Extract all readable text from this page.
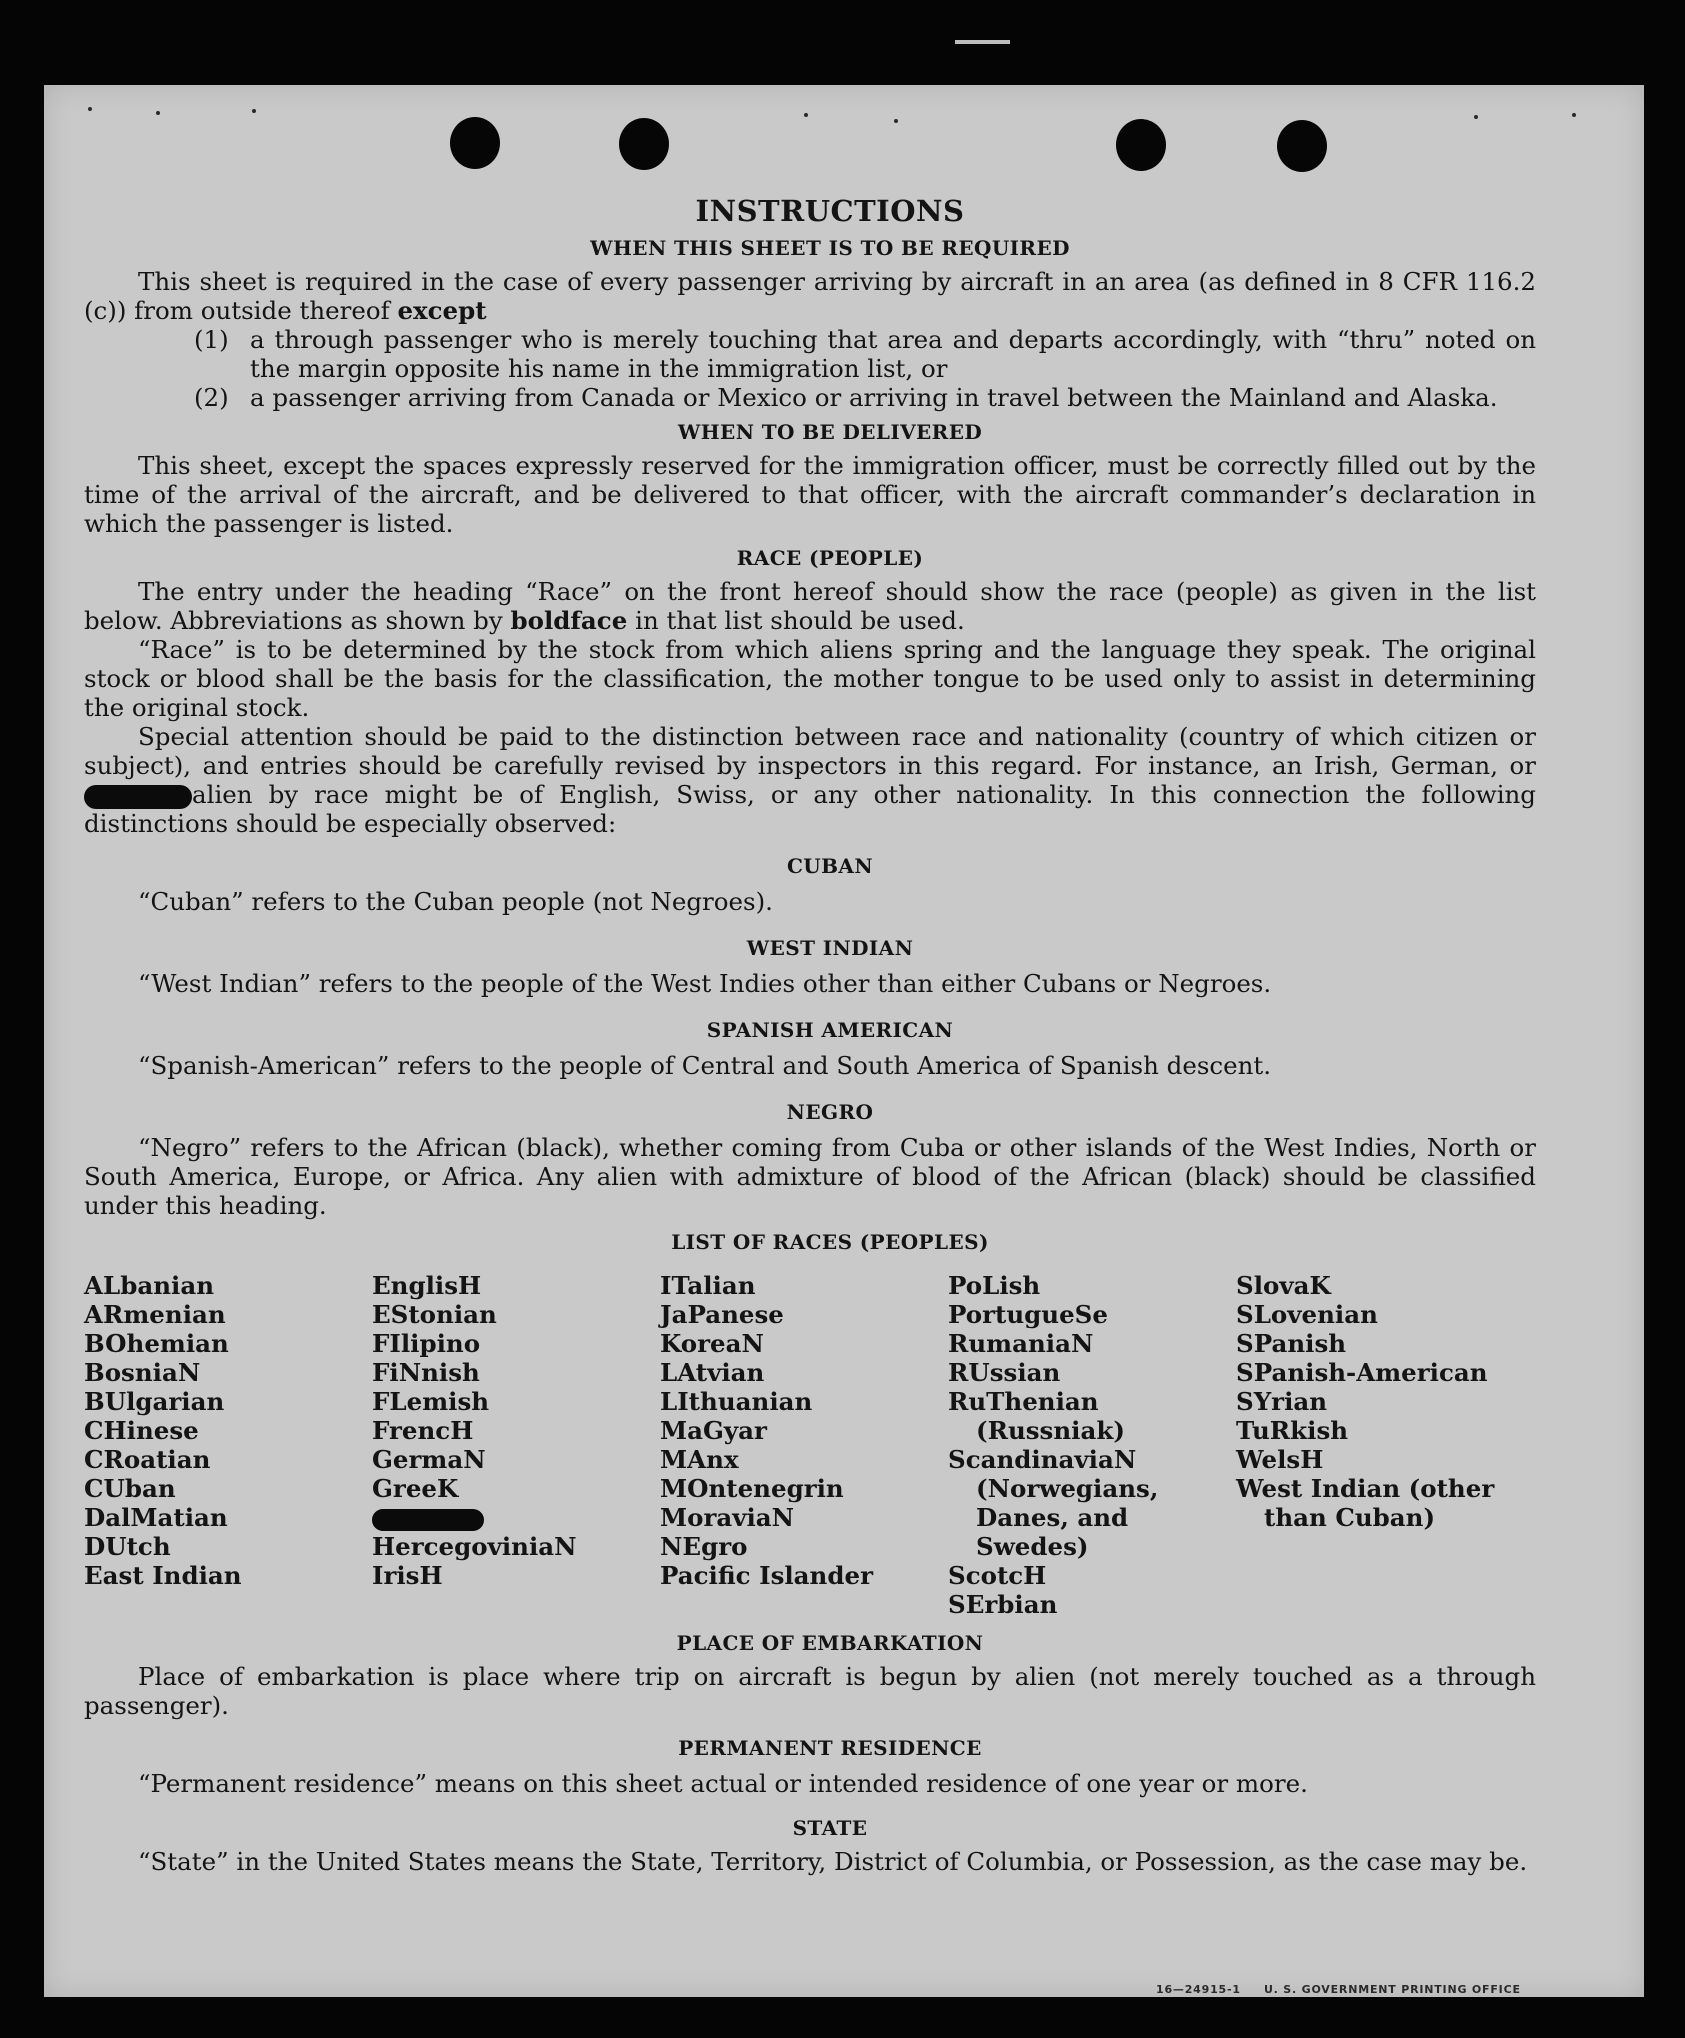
INSTRUCTIONS
WHEN THIS SHEET IS TO BE REQUIRED

This sheet is required in the case of every passenger arriving by aircraft in an area (as defined in 8 CFR 116.2 (c)) from outside thereof except

(1) a through passenger who is merely touching that area and departs accordingly, with “thru” noted on the margin opposite his name in the immigration list, or
(2) a passenger arriving from Canada or Mexico or arriving in travel between the Mainland and Alaska.
WHEN TO BE DELIVERED

This sheet, except the spaces expressly reserved for the immigration officer, must be correctly filled out by the time of the arrival of the aircraft, and be delivered to that officer, with the aircraft commander’s declaration in which the passenger is listed.

RACE (PEOPLE)

The entry under the heading “Race” on the front hereof should show the race (people) as given in the list below. Abbreviations as shown by boldface in that list should be used.

“Race” is to be determined by the stock from which aliens spring and the language they speak. The original stock or blood shall be the basis for the classification, the mother tongue to be used only to assist in determining the original stock.

Special attention should be paid to the distinction between race and nationality (country of which citizen or subject), and entries should be carefully revised by inspectors in this regard. For instance, an Irish, German, or alien by race might be of English, Swiss, or any other nationality. In this connection the following distinctions should be especially observed:

CUBAN

“Cuban” refers to the Cuban people (not Negroes).

WEST INDIAN

“West Indian” refers to the people of the West Indies other than either Cubans or Negroes.

SPANISH AMERICAN

“Spanish-American” refers to the people of Central and South America of Spanish descent.

NEGRO

“Negro” refers to the African (black), whether coming from Cuba or other islands of the West Indies, North or South America, Europe, or Africa. Any alien with admixture of blood of the African (black) should be classified under this heading.

LIST OF RACES (PEOPLES)
ALbanian
ARmenian
BOhemian
BosniaN
BUlgarian
CHinese
CRoatian
CUban
DalMatian
DUtch
East Indian
EnglisH
EStonian
FIlipino
FiNnish
FLemish
FrencH
GermaN
GreeK
HercegoviniaN
IrisH
ITalian
JaPanese
KoreaN
LAtvian
LIthuanian
MaGyar
MAnx
MOntenegrin
MoraviaN
NEgro
Pacific Islander
PoLish
PortugueSe
RumaniaN
RUssian
RuThenian (Russniak)
ScandinaviaN (Norwegians, Danes, and Swedes)
ScotcH
SErbian
SlovaK
SLovenian
SPanish
SPanish-American
SYrian
TuRkish
WelsH
West Indian (other than Cuban)
PLACE OF EMBARKATION

Place of embarkation is place where trip on aircraft is begun by alien (not merely touched as a through passenger).

PERMANENT RESIDENCE

“Permanent residence” means on this sheet actual or intended residence of one year or more.

STATE

“State” in the United States means the State, Territory, District of Columbia, or Possession, as the case may be.

16—24915-1 U. S. GOVERNMENT PRINTING OFFICE
